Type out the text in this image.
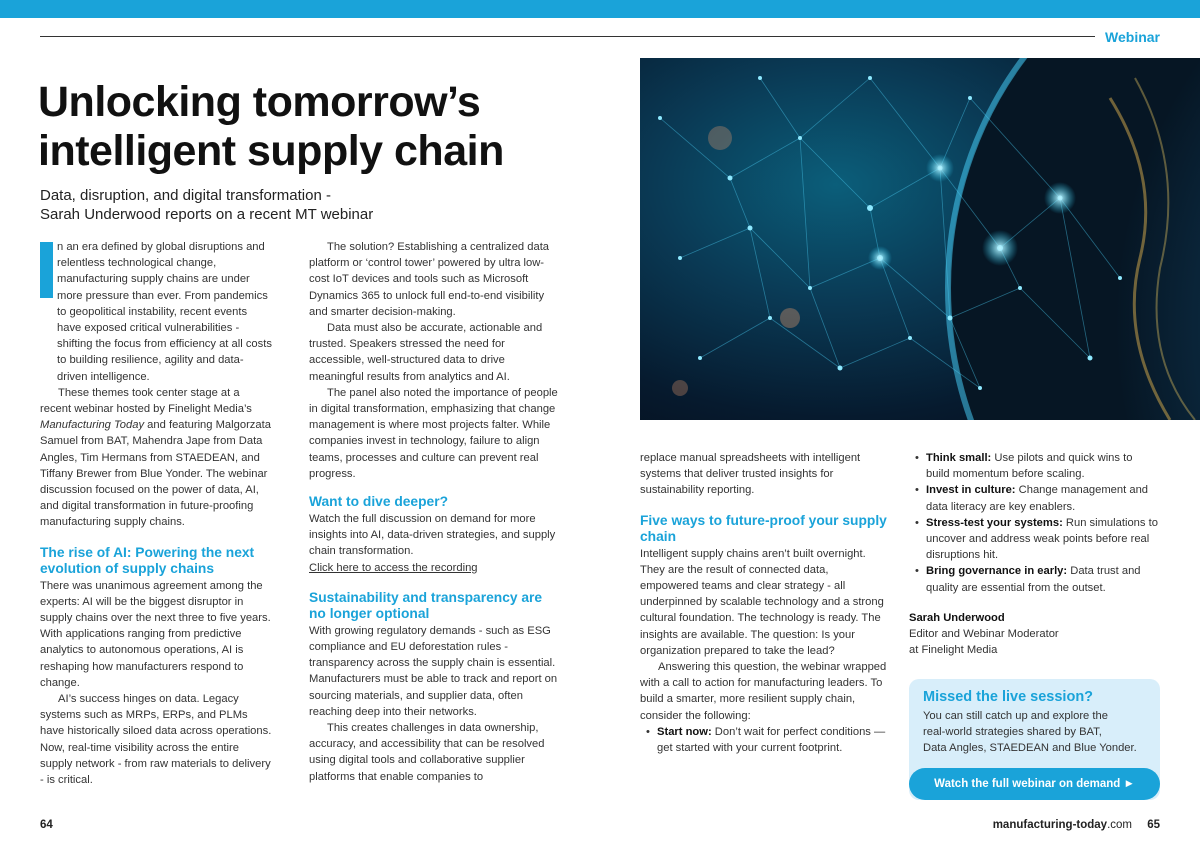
Webinar
Unlocking tomorrow’s
intelligent supply chain
Data, disruption, and digital transformation -
Sarah Underwood reports on a recent MT webinar

n an era defined by global disruptions and relentless technological change, manufacturing supply chains are under more pressure than ever. From pandemics to geopolitical instability, recent events have exposed critical vulnerabilities - shifting the focus from efficiency at all costs to building resilience, agility and data-driven intelligence.

These themes took center stage at a recent webinar hosted by Finelight Media’s Manufacturing Today and featuring Malgorzata Samuel from BAT, Mahendra Jape from Data Angles, Tim Hermans from STAEDEAN, and Tiffany Brewer from Blue Yonder. The webinar discussion focused on the power of data, AI, and digital transformation in future-proofing manufacturing supply chains.

The rise of AI: Powering the next evolution of supply chains

There was unanimous agreement among the experts: AI will be the biggest disruptor in supply chains over the next three to five years. With applications ranging from predictive analytics to autonomous operations, AI is reshaping how manufacturers respond to change.

AI’s success hinges on data. Legacy systems such as MRPs, ERPs, and PLMs have historically siloed data across operations. Now, real-time visibility across the entire supply network - from raw materials to delivery - is critical.

The solution? Establishing a centralized data platform or ‘control tower’ powered by ultra low-cost IoT devices and tools such as Microsoft Dynamics 365 to unlock full end-to-end visibility and smarter decision-making.

Data must also be accurate, actionable and trusted. Speakers stressed the need for accessible, well-structured data to drive meaningful results from analytics and AI.

The panel also noted the importance of people in digital transformation, emphasizing that change management is where most projects falter. While companies invest in technology, failure to align teams, processes and culture can prevent real progress.

Want to dive deeper?

Watch the full discussion on demand for more insights into AI, data-driven strategies, and supply chain transformation.

Click here to access the recording

Sustainability and transparency are no longer optional

With growing regulatory demands - such as ESG compliance and EU deforestation rules - transparency across the supply chain is essential. Manufacturers must be able to track and report on sourcing materials, and supplier data, often reaching deep into their networks.

This creates challenges in data ownership, accuracy, and accessibility that can be resolved using digital tools and collaborative supplier platforms that enable companies to

replace manual spreadsheets with intelligent systems that deliver trusted insights for sustainability reporting.

Five ways to future-proof your supply chain

Intelligent supply chains aren’t built overnight. They are the result of connected data, empowered teams and clear strategy - all underpinned by scalable technology and a strong cultural foundation. The technology is ready. The insights are available. The question: Is your organization prepared to take the lead?

Answering this question, the webinar wrapped with a call to action for manufacturing leaders. To build a smarter, more resilient supply chain, consider the following:

• Start now: Don’t wait for perfect conditions — get started with your current footprint.
• Think small: Use pilots and quick wins to build momentum before scaling.
• Invest in culture: Change management and data literacy are key enablers.
• Stress-test your systems: Run simulations to uncover and address weak points before real disruptions hit.
• Bring governance in early: Data trust and quality are essential from the outset.
Sarah Underwood
Editor and Webinar Moderator
at Finelight Media
Missed the live session?
You can still catch up and explore the
real-world strategies shared by BAT,
Data Angles, STAEDEAN and Blue Yonder.
Watch the full webinar on demand ►
64	manufacturing-today.com 65
